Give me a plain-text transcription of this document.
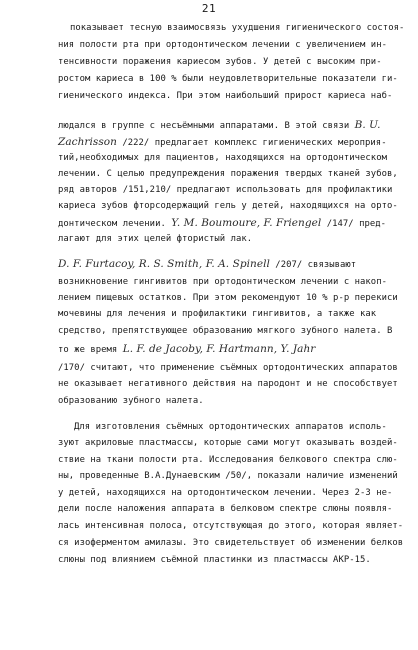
21
показывает тесную взаимосвязь ухудшения гигиенического состоя-
ния полости рта при ортодонтическом лечении с увеличением ин-
тенсивности поражения кариесом зубов. У детей с высоким при-
ростом кариеса в 100 % были неудовлетворительные показатели ги-
гиенического индекса. При этом наибольший прирост кариеса наб-
людался в группе с несъёмными аппаратами. В этой связи B. U.
Zachrisson /222/ предлагает комплекс гигиенических мероприя-
тий,необходимых для пациентов, находящихся на ортодонтическом
лечении. С целью предупреждения поражения твердых тканей зубов,
ряд авторов /151,210/ предлагают использовать для профилактики
кариеса зубов фторсодержащий гель у детей, находящихся на орто-
донтическом лечении. Y. M. Boumoure, F. Friengel /147/ пред-
лагают для этих целей фтористый лак.
D. F. Furtacoy, R. S. Smith, F. A. Spinell /207/ связывают
возникновение гингивитов при ортодонтическом лечении с накоп-
лением пищевых остатков. При этом рекомендуют 10 % р-р перекиси
мочевины для лечения и профилактики гингивитов, а также как
средство, препятствующее образованию мягкого зубного налета. В
то же время L. F. de Jacoby, F. Hartmann, Y. Jahr
/170/ считают, что применение съёмных ортодонтических аппаратов
не оказывает негативного действия на пародонт и не способствует
образованию зубного налета.
Для изготовления съёмных ортодонтических аппаратов исполь-
зуют акриловые пластмассы, которые сами могут оказывать воздей-
ствие на ткани полости рта. Исследования белкового спектра слю-
ны, проведенные В.А.Дунаевским /50/, показали наличие изменений
у детей, находящихся на ортодонтическом лечении. Через 2-3 не-
дели после наложения аппарата в белковом спектре слюны появля-
лась интенсивная полоса, отсутствующая до этого, которая являет-
ся изоферментом амилазы. Это свидетельствует об изменении белков
слюны под влиянием съёмной пластинки из пластмассы АКР-15.
